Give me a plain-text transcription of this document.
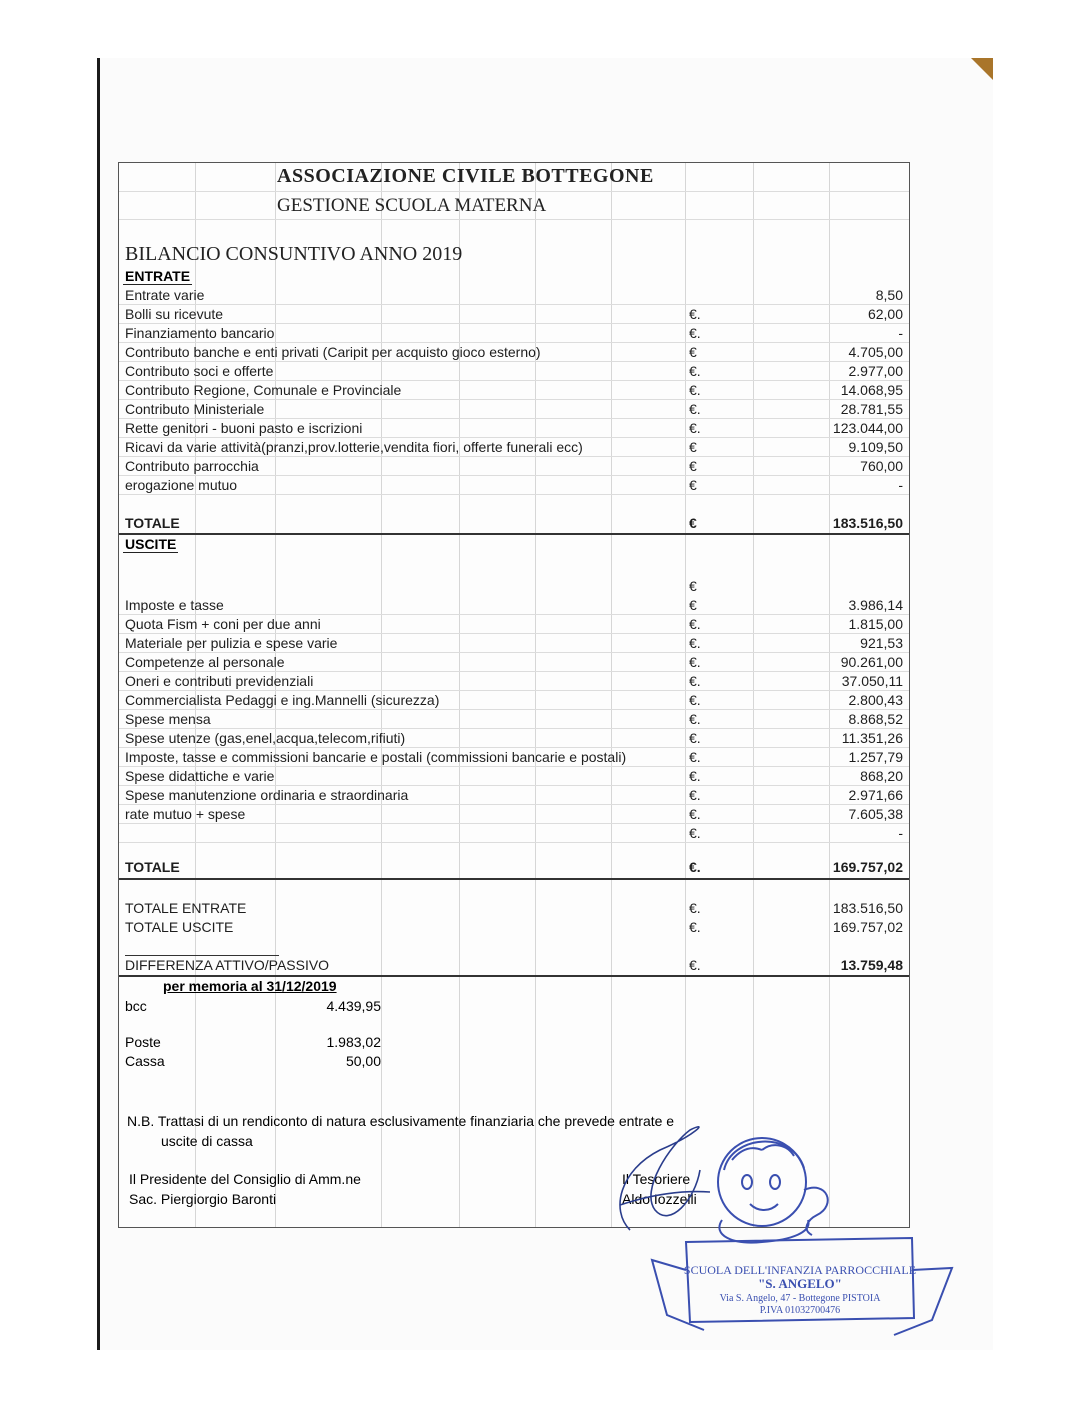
ASSOCIAZIONE CIVILE BOTTEGONE
GESTIONE SCUOLA MATERNA
BILANCIO CONSUNTIVO ANNO 2019
ENTRATE
Entrate varie	8,50
Bolli su ricevute	€.	62,00
Finanziamento bancario	€.	-
Contributo banche e enti privati (Caripit per acquisto gioco esterno)	€	4.705,00
Contributo soci e offerte	€.	2.977,00
Contributo Regione, Comunale e Provinciale	€.	14.068,95
Contributo Ministeriale	€.	28.781,55
Rette genitori - buoni pasto e iscrizioni	€.	123.044,00
Ricavi da varie attività(pranzi,prov.lotterie,vendita fiori, offerte funerali ecc)	€	9.109,50
Contributo parrocchia	€	760,00
erogazione mutuo	€	-
TOTALE	€	183.516,50
USCITE
€
Imposte e tasse	€	3.986,14
Quota Fism + coni per due anni	€.	1.815,00
Materiale per pulizia e spese varie	€.	921,53
Competenze al personale	€.	90.261,00
Oneri e contributi previdenziali	€.	37.050,11
Commercialista Pedaggi e ing.Mannelli (sicurezza)	€.	2.800,43
Spese mensa	€.	8.868,52
Spese utenze (gas,enel,acqua,telecom,rifiuti)	€.	11.351,26
Imposte, tasse e commissioni bancarie e postali (commissioni bancarie e postali)	€.	1.257,79
Spese didattiche e varie	€.	868,20
Spese manutenzione ordinaria e straordinaria	€.	2.971,66
rate mutuo + spese	€.	7.605,38
€.	-
TOTALE	€.	169.757,02
TOTALE ENTRATE	€.	183.516,50
TOTALE USCITE	€.	169.757,02
DIFFERENZA ATTIVO/PASSIVO	€.	13.759,48
per memoria al 31/12/2019
bcc	4.439,95
Poste	1.983,02
Cassa	50,00
N.B. Trattasi di un rendiconto di natura esclusivamente finanziaria che prevede entrate e
uscite di cassa
Il Presidente del Consiglio di Amm.ne
Sac. Piergiorgio Baronti
Il Tesoriere
Aldo Iozzelli
SCUOLA DELL'INFANZIA PARROCCHIALE
"S. ANGELO"
Via S. Angelo, 47 - Bottegone PISTOIA
P.IVA 01032700476
